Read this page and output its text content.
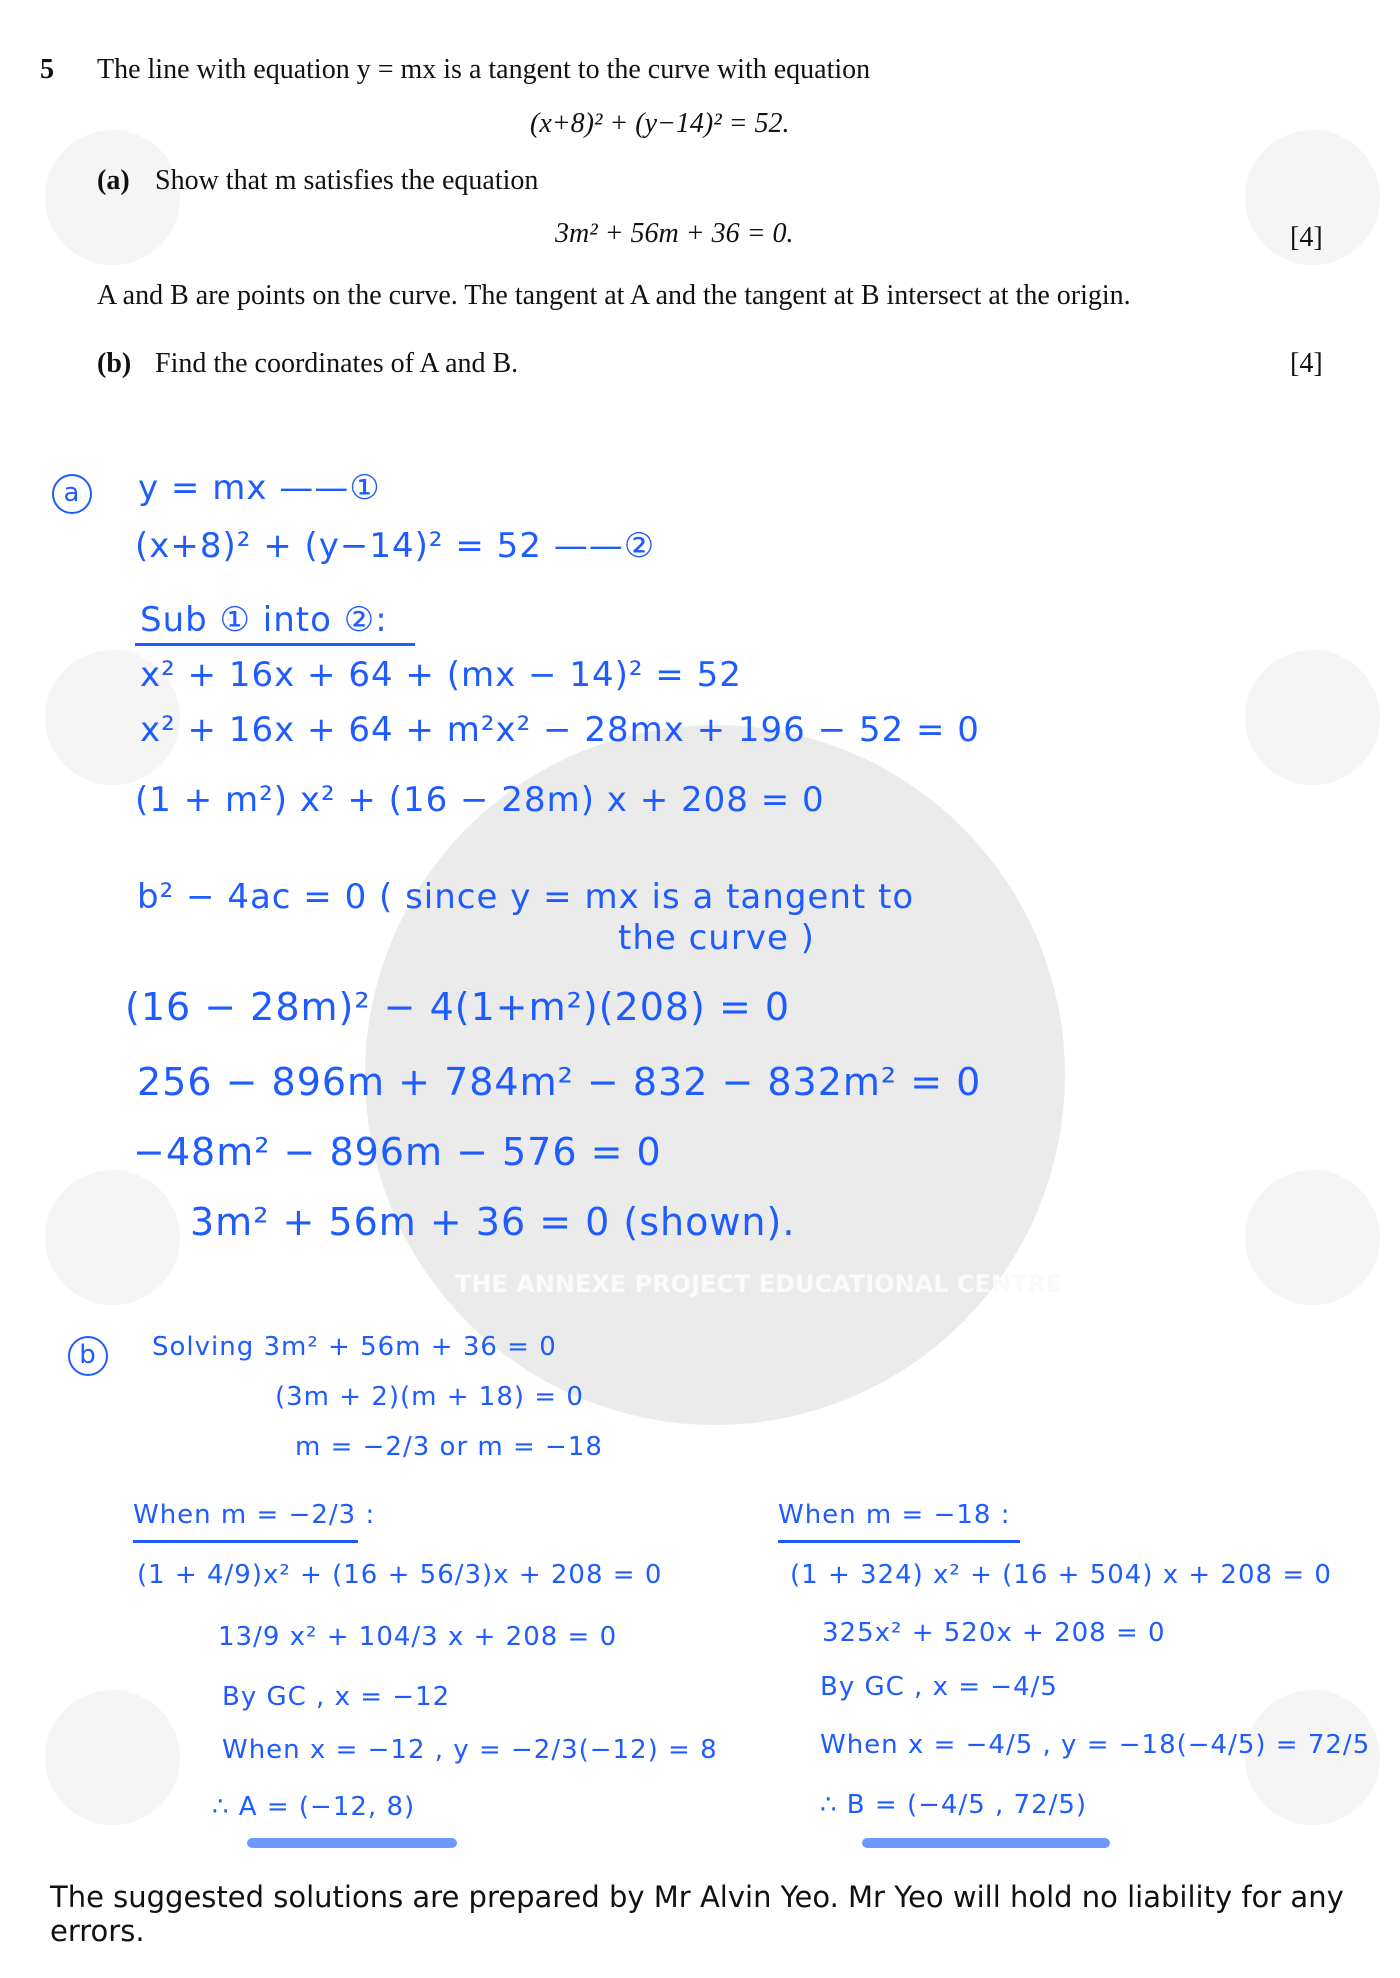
THE ANNEXE PROJECT EDUCATIONAL CENTRE
5 The line with equation y = mx is a tangent to the curve with equation
(x+8)² + (y−14)² = 52.
(a) Show that m satisfies the equation
3m² + 56m + 36 = 0.	[4]
A and B are points on the curve. The tangent at A and the tangent at B intersect at the origin.
(b) Find the coordinates of A and B.	[4]
a	y = mx ——①
(x+8)² + (y−14)² = 52 ——②
Sub ① into ②:
x² + 16x + 64 + (mx − 14)² = 52
x² + 16x + 64 + m²x² − 28mx + 196 − 52 = 0
(1 + m²) x² + (16 − 28m) x + 208 = 0
b² − 4ac = 0 ( since y = mx is a tangent to
the curve )
(16 − 28m)² − 4(1+m²)(208) = 0
256 − 896m + 784m² − 832 − 832m² = 0
−48m² − 896m − 576 = 0
3m² + 56m + 36 = 0 (shown).
b	Solving 3m² + 56m + 36 = 0
(3m + 2)(m + 18) = 0
m = −2/3 or m = −18
When m = −2/3 :
(1 + 4/9)x² + (16 + 56/3)x + 208 = 0
13/9 x² + 104/3 x + 208 = 0
By GC , x = −12
When x = −12 , y = −2/3(−12) = 8
∴ A = (−12, 8)
When m = −18 :
(1 + 324) x² + (16 + 504) x + 208 = 0
325x² + 520x + 208 = 0
By GC , x = −4/5
When x = −4/5 , y = −18(−4/5) = 72/5
∴ B = (−4/5 , 72/5)
The suggested solutions are prepared by Mr Alvin Yeo. Mr Yeo will hold no liability for any errors.
